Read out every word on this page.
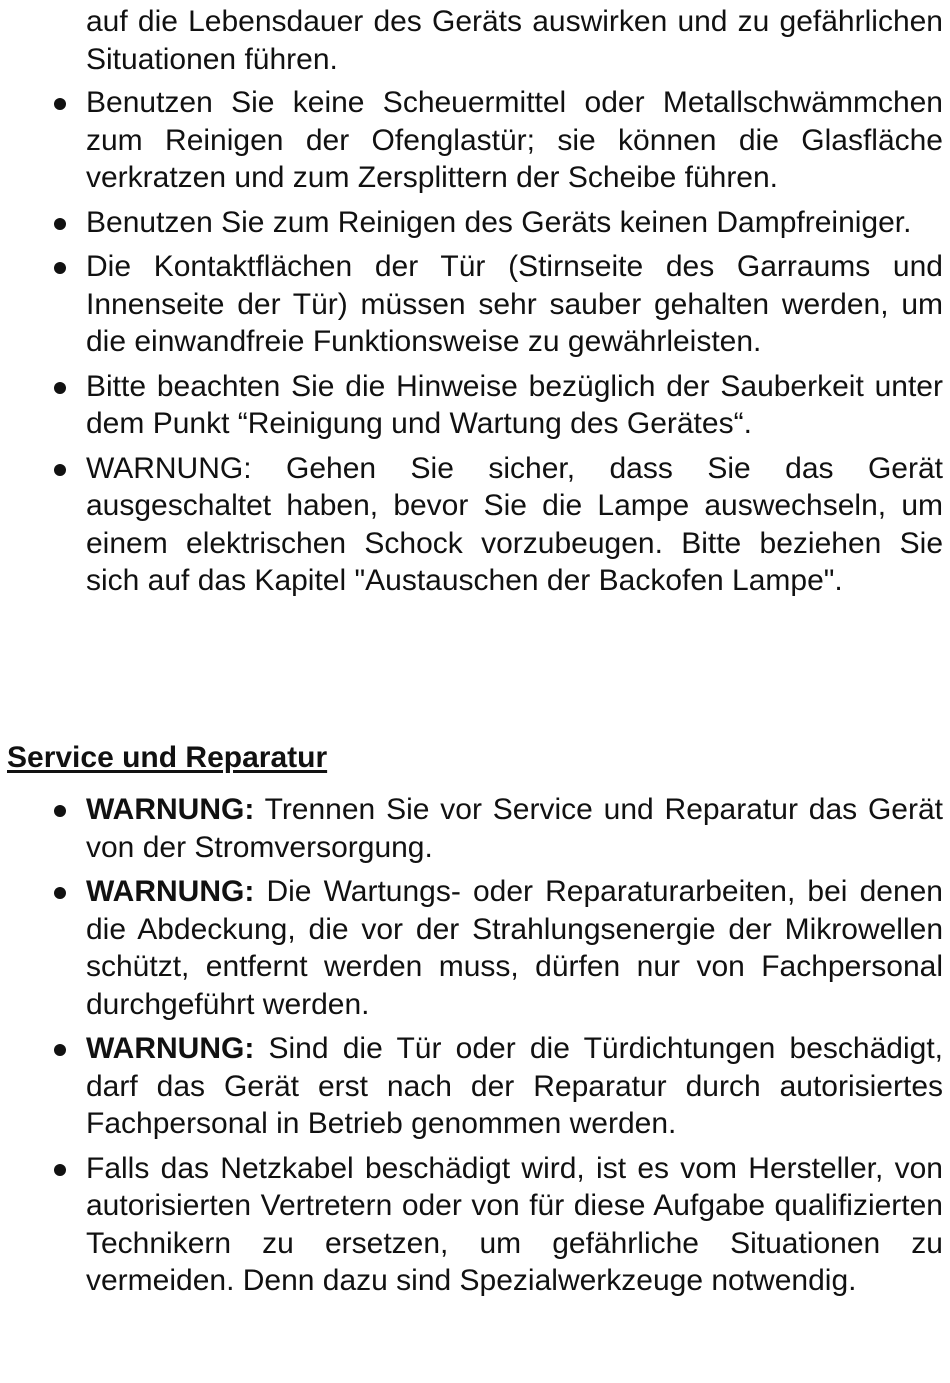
auf die Lebensdauer des Geräts auswirken und zu gefährlichen Situationen führen.

Benutzen Sie keine Scheuermittel oder Metallschwämmchen zum Reinigen der Ofenglastür; sie können die Glasfläche verkratzen und zum Zersplittern der Scheibe führen.
Benutzen Sie zum Reinigen des Geräts keinen Dampfreiniger.
Die Kontaktflächen der Tür (Stirnseite des Garraums und Innenseite der Tür) müssen sehr sauber gehalten werden, um die einwandfreie Funktionsweise zu gewährleisten.
Bitte beachten Sie die Hinweise bezüglich der Sauberkeit unter dem Punkt “Reinigung und Wartung des Gerätes“.
WARNUNG: Gehen Sie sicher, dass Sie das Gerät ausgeschaltet haben, bevor Sie die Lampe auswechseln, um einem elektrischen Schock vorzubeugen. Bitte beziehen Sie sich auf das Kapitel "Austauschen der Backofen Lampe".
Service und Reparatur
WARNUNG: Trennen Sie vor Service und Reparatur das Gerät von der Stromversorgung.
WARNUNG: Die Wartungs- oder Reparaturarbeiten, bei denen die Abdeckung, die vor der Strahlungsenergie der Mikrowellen schützt, entfernt werden muss, dürfen nur von Fachpersonal durchgeführt werden.
WARNUNG: Sind die Tür oder die Türdichtungen beschädigt, darf das Gerät erst nach der Reparatur durch autorisiertes Fachpersonal in Betrieb genommen werden.
Falls das Netzkabel beschädigt wird, ist es vom Hersteller, von autorisierten Vertretern oder von für diese Aufgabe qualifizierten Technikern zu ersetzen, um gefährliche Situationen zu vermeiden. Denn dazu sind Spezialwerkzeuge notwendig.
